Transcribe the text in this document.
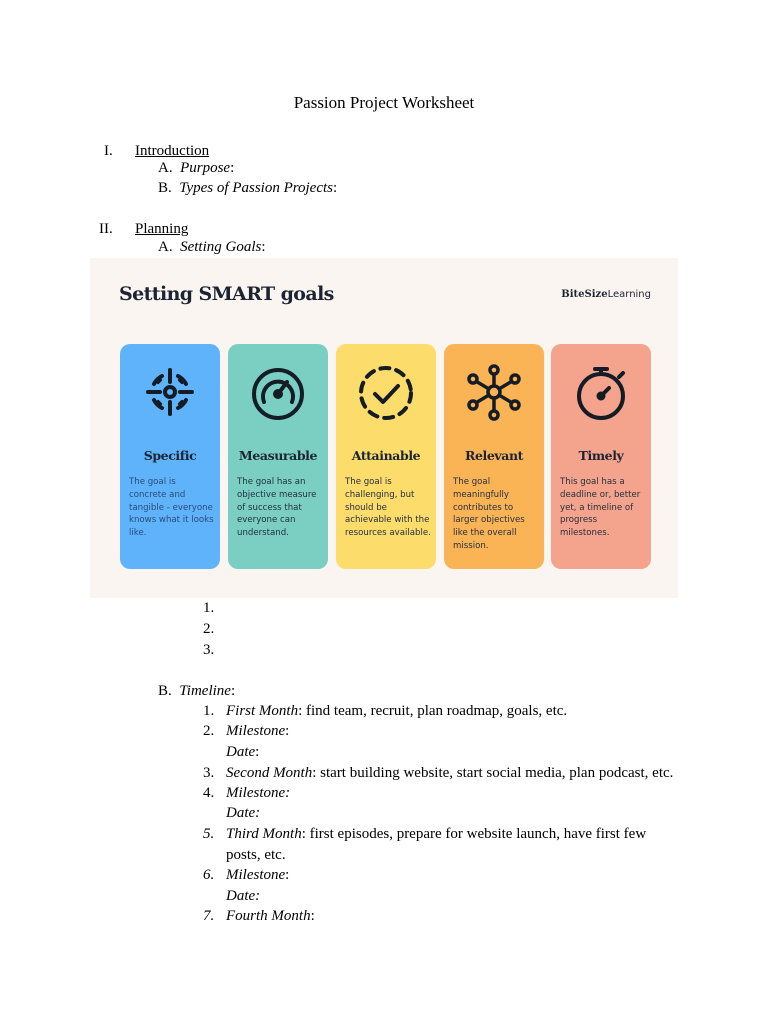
Passion Project Worksheet
I. Introduction
A. Purpose:
B. Types of Passion Projects:
II. Planning
A. Setting Goals:
Setting SMART goals	BiteSizeLearning
Specific
The goal is concrete and tangible - everyone knows what it looks like.
Measurable
The goal has an objective measure of success that everyone can understand.
Attainable
The goal is challenging, but should be achievable with the resources available.
Relevant
The goal meaningfully contributes to larger objectives like the overall mission.
Timely
This goal has a deadline or, better yet, a timeline of progress milestones.
1.
2.
3.
B. Timeline:
1. First Month: find team, recruit, plan roadmap, goals, etc.
2. Milestone:
Date:
3. Second Month: start building website, start social media, plan podcast, etc.
4. Milestone:
Date:
5. Third Month: first episodes, prepare for website launch, have first few
posts, etc.
6. Milestone:
Date:
7. Fourth Month:
